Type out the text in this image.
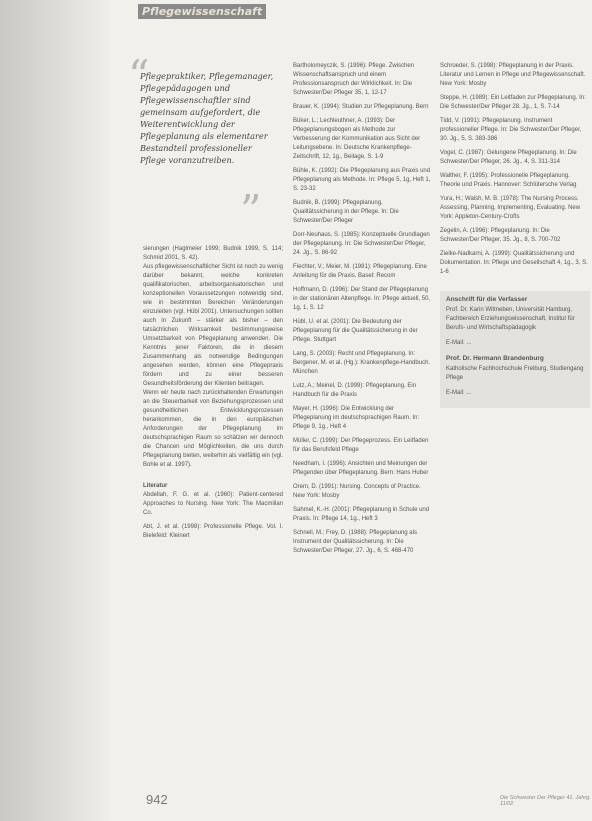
Pflegewissenschaft
“
Pflegepraktiker, Pflegemanager, Pflegepädagogen und Pflegewissenschaftler sind gemeinsam aufgefordert, die Weiterentwicklung der Pflegeplanung als elementarer Bestandteil professioneller Pflege voranzutreiben.
”

sierungen (Haglmeier 1999; Budnik 1999, S. 114; Schmid 2001, S. 42).

Aus pflegewissenschaftlicher Sicht ist noch zu wenig darüber bekannt, welche konkreten qualifikatorischen, arbeitsorganisatorischen und konzeptionellen Voraussetzungen notwendig sind, wie in bestimmten Bereichen Veränderungen einzuleiten (vgl. Hübl 2001). Untersuchungen sollten auch in Zukunft – stärker als bisher – den tatsächlichen Wirksamkeit bestimmungsweise Umsetzbarkeit von Pflegeplanung anwenden. Die Kenntnis jener Faktoren, die in diesem Zusammenhang als notwendige Bedingungen angesehen werden, können eine Pflegepraxis fördern und zu einer besseren Gesundheitsförderung der Klienten beitragen.

Wenn wir heute nach zurückhaltenden Erwartungen an die Steuerbarkeit von Beziehungsprozessen und gesundheitlichen Entwicklungsprozessen herankommen, die in den europäischen Anforderungen der Pflegeplanung im deutschsprachigen Raum so schätzen wir dennoch die Chancen und Möglichkeiten, die uns durch Pflegeplanung bieten, weiterhin als vielfältig ein (vgl. Bohle et al. 1997).

Literatur

Abdellah, F. G. et al. (1960): Patient-centered Approaches to Nursing. New York: The Macmillan Co.

Abt, J. et al. (1998): Professionelle Pflege. Vol. I. Bielefeld: Kleinert

Bartholomeyczik, S. (1996): Pflege. Zwischen Wissenschaftsanspruch und einem Professionsanspruch der Wirklichkeit. In: Die Schwester/Der Pfleger 35, 1, 12-17

Brauer, K. (1994): Studien zur Pflegeplanung. Bern

Büker, L.; Lechleuthner, A. (1993): Der Pflegeplanungsbogen als Methode zur Verbesserung der Kommunikation aus Sicht der Leitungsebene. In: Deutsche Krankenpflege-Zeitschrift, 12, 1g., Beilage, S. 1-9

Bühle, K. (1992): Die Pflegeplanung aus Praxis und Pflegeplanung als Methode. In: Pflege 5, 1g, Heft 1, S. 23-32

Budnik, B. (1999): Pflegeplanung. Qualitätssicherung in der Pflege. In: Die Schwester/Der Pfleger

Dorr-Neuhaus, S. (1985): Konzeptuelle Grundlagen der Pflegeplanung. In: Die Schwester/Der Pfleger, 24. Jg., S. 86-92

Fiechter, V.; Meier, M. (1981): Pflegeplanung. Eine Anleitung für die Praxis. Basel: Recom

Hoffmann, D. (1996): Der Stand der Pflegeplanung in der stationären Altenpflege. In: Pflege aktuell, 50, 1g, 1, S. 12

Hübl, U. et al. (2001): Die Bedeutung der Pflegeplanung für die Qualitätssicherung in der Pflege. Stuttgart

Lang, S. (2003): Recht und Pflegeplanung. In: Bergener, M. et al. (Hg.): Krankenpflege-Handbuch. München

Lutz, A.; Meinel, D. (1999): Pflegeplanung. Ein Handbuch für die Praxis

Mayer, H. (1996): Die Entwicklung der Pflegeplanung im deutschsprachigen Raum. In: Pflege 9, 1g., Heft 4

Müller, C. (1999): Der Pflegeprozess. Ein Leitfaden für das Berufsfeld Pflege

Needham, I. (1996): Ansichten und Meinungen der Pflegenden über Pflegeplanung. Bern: Hans Huber

Orem, D. (1991): Nursing. Concepts of Practice. New York: Mosby

Sahmel, K.-H. (2001): Pflegeplanung in Schule und Praxis. In: Pflege 14, 1g., Heft 3

Schnell, M.; Frey, D. (1988): Pflegeplanung als Instrument der Qualitätssicherung. In: Die Schwester/Der Pfleger, 27. Jg., 6, S. 468-470

Schroeder, S. (1998): Pflegeplanung in der Praxis. Literatur und Lernen in Pflege und Pflegewissenschaft. New York: Mosby

Steppe, H. (1989): Ein Leitfaden zur Pflegeplanung. In: Die Schwester/Der Pfleger 28. Jg., 1, S. 7-14

Tidd, V. (1991): Pflegeplanung. Instrument professioneller Pflege. In: Die Schwester/Der Pfleger, 30. Jg., 5, S. 383-386

Vogel, C. (1987): Gelungene Pflegeplanung. In: Die Schwester/Der Pfleger, 26. Jg., 4, S. 311-314

Walther, F. (1995): Professionelle Pflegeplanung. Theorie und Praxis. Hannover: Schlütersche Verlag

Yura, H.; Walsh, M. B. (1978): The Nursing Process. Assessing, Planning, Implementing, Evaluating. New York: Appleton-Century-Crofts

Zegelin, A. (1996): Pflegeplanung. In: Die Schwester/Der Pfleger, 35. Jg., 8, S. 700-702

Zielke-Nadkarni, A. (1999): Qualitätssicherung und Dokumentation. In: Pflege und Gesellschaft 4, 1g., 3, S. 1-6

Anschrift für die Verfasser

Prof. Dr. Karin Wittneben, Universität Hamburg, Fachbereich Erziehungswissenschaft, Institut für Berufs- und Wirtschaftspädagogik

E-Mail: ...

Prof. Dr. Hermann Brandenburg

Katholische Fachhochschule Freiburg, Studiengang Pflege

E-Mail: ...

942	Die Schwester Der Pfleger 41. Jahrg. 11/02
